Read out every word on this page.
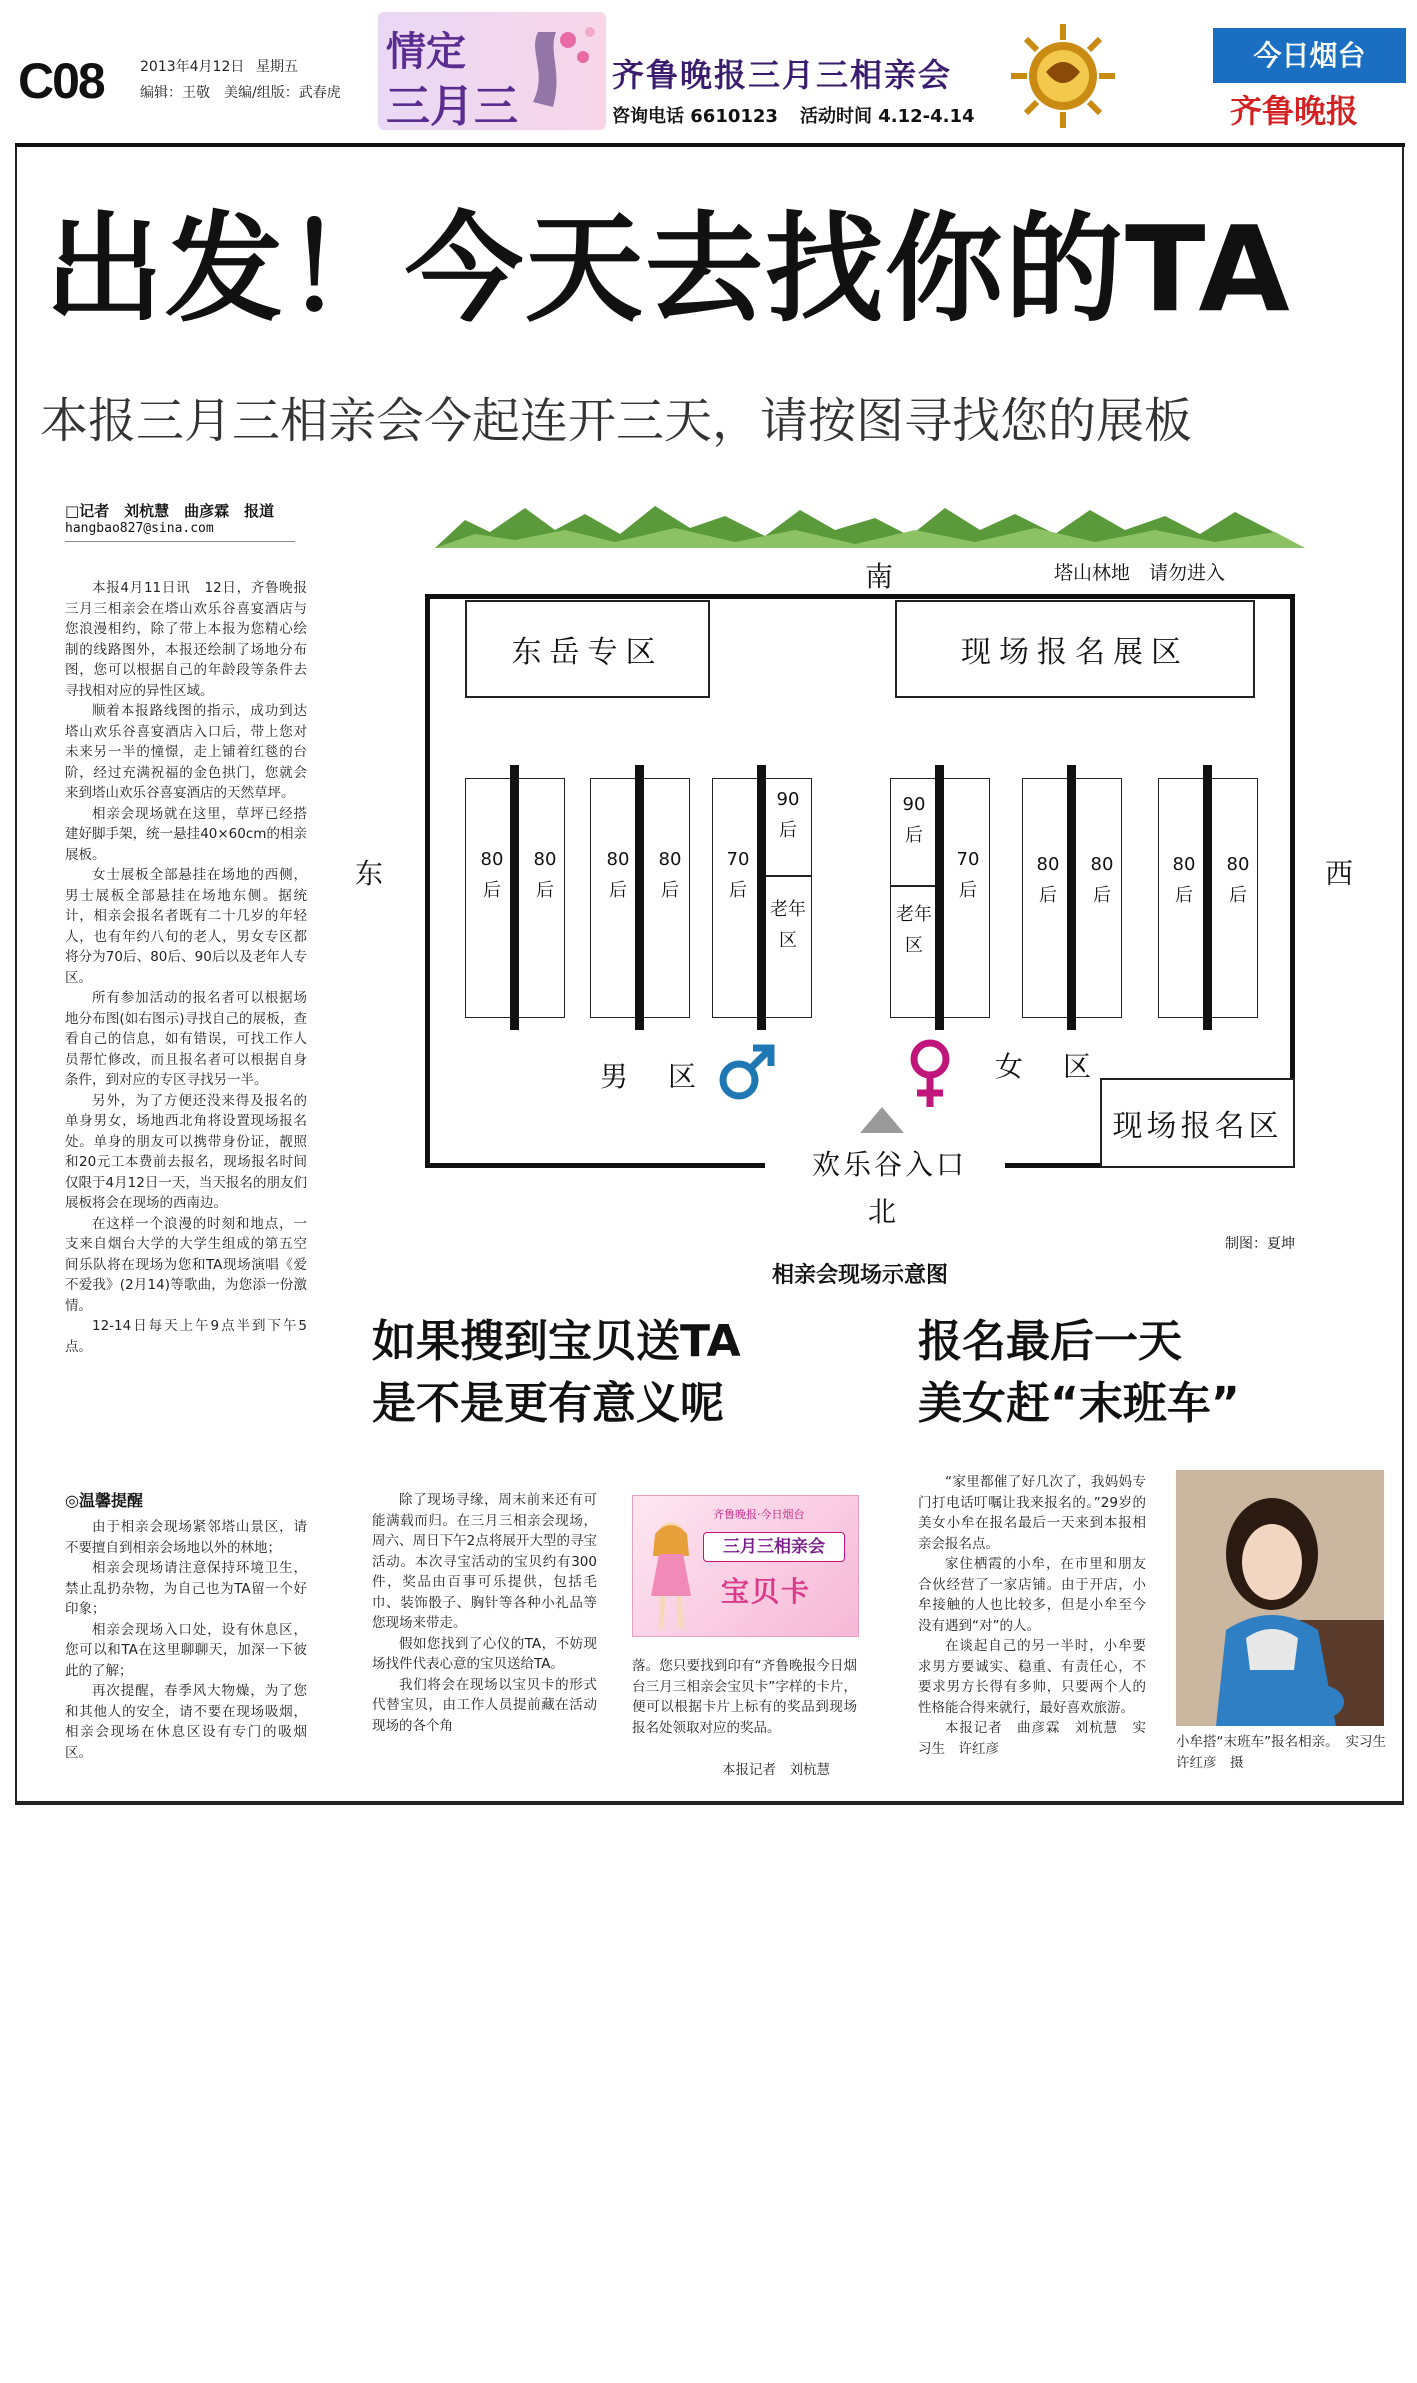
C08	2013年4月12日 星期五
编辑：王敬 美编/组版：武春虎
情定
三月三
齐鲁晚报三月三相亲会
咨询电话 6610123 活动时间 4.12-4.14
今日烟台
齐鲁晚报
出发！今天去找你的TA
本报三月三相亲会今起连开三天，请按图寻找您的展板
□记者　刘杭慧　曲彦霖　报道
hangbao827@sina.com

本报4月11日讯　12日，齐鲁晚报三月三相亲会在塔山欢乐谷喜宴酒店与您浪漫相约，除了带上本报为您精心绘制的线路图外，本报还绘制了场地分布图，您可以根据自己的年龄段等条件去寻找相对应的异性区域。

顺着本报路线图的指示，成功到达塔山欢乐谷喜宴酒店入口后，带上您对未来另一半的憧憬，走上铺着红毯的台阶，经过充满祝福的金色拱门，您就会来到塔山欢乐谷喜宴酒店的天然草坪。

相亲会现场就在这里，草坪已经搭建好脚手架，统一悬挂40×60cm的相亲展板。

女士展板全部悬挂在场地的西侧，男士展板全部悬挂在场地东侧。据统计，相亲会报名者既有二十几岁的年轻人，也有年约八旬的老人，男女专区都将分为70后、80后、90后以及老年人专区。

所有参加活动的报名者可以根据场地分布图(如右图示)寻找自己的展板，查看自己的信息，如有错误，可找工作人员帮忙修改，而且报名者可以根据自身条件，到对应的专区寻找另一半。

另外，为了方便还没来得及报名的单身男女，场地西北角将设置现场报名处。单身的朋友可以携带身份证，靓照和20元工本费前去报名，现场报名时间仅限于4月12日一天，当天报名的朋友们展板将会在现场的西南边。

在这样一个浪漫的时刻和地点，一支来自烟台大学的大学生组成的第五空间乐队将在现场为您和TA现场演唱《爱不爱我》(2月14)等歌曲，为您添一份激情。

12-14日每天上午9点半到下午5点。

◎温馨提醒

由于相亲会现场紧邻塔山景区，请不要擅自到相亲会场地以外的林地；

相亲会现场请注意保持环境卫生，禁止乱扔杂物，为自己也为TA留一个好印象；

相亲会现场入口处，设有休息区，您可以和TA在这里聊聊天，加深一下彼此的了解；

再次提醒，春季风大物燥，为了您和其他人的安全，请不要在现场吸烟，相亲会现场在休息区设有专门的吸烟区。

南	塔山林地　请勿进入
东
东岳专区	现场报名展区
80后
80后
80后
80后
70后
90后
老年区
90后
老年区
70后
80后
80后
80后
80后
男　区	女　区
现场报名区
欢乐谷入口
北
制图：夏坤
相亲会现场示意图
西
如果搜到宝贝送TA
是不是更有意义呢

除了现场寻缘，周末前来还有可能满载而归。在三月三相亲会现场，周六、周日下午2点将展开大型的寻宝活动。本次寻宝活动的宝贝约有300件，奖品由百事可乐提供，包括毛巾、装饰骰子、胸针等各种小礼品等您现场来带走。

假如您找到了心仪的TA，不妨现场找件代表心意的宝贝送给TA。

我们将会在现场以宝贝卡的形式代替宝贝，由工作人员提前藏在活动现场的各个角

齐鲁晚报·今日烟台
三月三相亲会
宝贝卡
落。您只要找到印有“齐鲁晚报今日烟台三月三相亲会宝贝卡”字样的卡片，便可以根据卡片上标有的奖品到现场报名处领取对应的奖品。
本报记者　刘杭慧
报名最后一天
美女赶“末班车”

“家里都催了好几次了，我妈妈专门打电话叮嘱让我来报名的。”29岁的美女小牟在报名最后一天来到本报相亲会报名点。

家住栖霞的小牟，在市里和朋友合伙经营了一家店铺。由于开店，小牟接触的人也比较多，但是小牟至今没有遇到“对”的人。

在谈起自己的另一半时，小牟要求男方要诚实、稳重、有责任心，不要求男方长得有多帅，只要两个人的性格能合得来就行，最好喜欢旅游。

本报记者　曲彦霖　刘杭慧　实习生　许红彦	小牟搭“末班车”报名相亲。　实习生　许红彦　摄
